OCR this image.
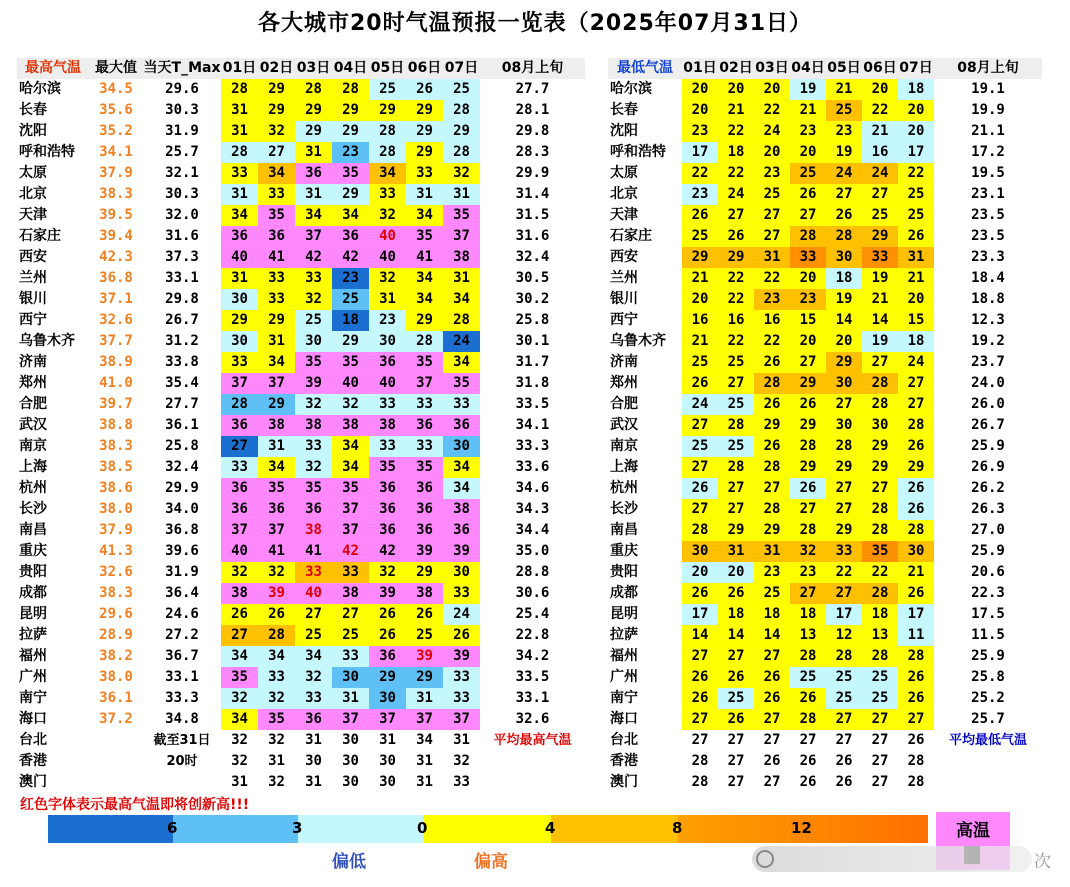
各大城市20时气温预报一览表（2025年07月31日）
最高气温	最大值	当天T_Max	01日	02日	03日	04日	05日	06日	07日	08月上旬
哈尔滨	34.5	29.6	28	29	28	28	25	26	25	27.7
长春	35.6	30.3	31	29	29	29	29	29	28	28.1
沈阳	35.2	31.9	31	32	29	29	28	29	29	29.8
呼和浩特	34.1	25.7	28	27	31	23	28	29	28	28.3
太原	37.9	32.1	33	34	36	35	34	33	32	29.9
北京	38.3	30.3	31	33	31	29	33	31	31	31.4
天津	39.5	32.0	34	35	34	34	32	34	35	31.5
石家庄	39.4	31.6	36	36	37	36	40	35	37	31.6
西安	42.3	37.3	40	41	42	42	40	41	38	32.4
兰州	36.8	33.1	31	33	33	23	32	34	31	30.5
银川	37.1	29.8	30	33	32	25	31	34	34	30.2
西宁	32.6	26.7	29	29	25	18	23	29	28	25.8
乌鲁木齐	37.7	31.2	30	31	30	29	30	28	24	30.1
济南	38.9	33.8	33	34	35	35	36	35	34	31.7
郑州	41.0	35.4	37	37	39	40	40	37	35	31.8
合肥	39.7	27.7	28	29	32	32	33	33	33	33.5
武汉	38.8	36.1	36	38	38	38	38	36	36	34.1
南京	38.3	25.8	27	31	33	34	33	33	30	33.3
上海	38.5	32.4	33	34	32	34	35	35	34	33.6
杭州	38.6	29.9	36	35	35	35	36	36	34	34.6
长沙	38.0	34.0	36	36	36	37	36	36	38	34.3
南昌	37.9	36.8	37	37	38	37	36	36	36	34.4
重庆	41.3	39.6	40	41	41	42	42	39	39	35.0
贵阳	32.6	31.9	32	32	33	33	32	29	30	28.8
成都	38.3	36.4	38	39	40	38	39	38	33	30.6
昆明	29.6	24.6	26	26	27	27	26	26	24	25.4
拉萨	28.9	27.2	27	28	25	25	26	25	26	22.8
福州	38.2	36.7	34	34	34	33	36	39	39	34.2
广州	38.0	33.1	35	33	32	30	29	29	33	33.5
南宁	36.1	33.3	32	32	33	31	30	31	33	33.1
海口	37.2	34.8	34	35	36	37	37	37	37	32.6
台北		截至31日	32	32	31	30	31	34	31	平均最高气温
香港		20时	32	31	30	30	30	31	32	
澳门			31	32	31	30	30	31	33	
最低气温	01日	02日	03日	04日	05日	06日	07日	08月上旬
哈尔滨	20	20	20	19	21	20	18	19.1
长春	20	21	22	21	25	22	20	19.9
沈阳	23	22	24	23	23	21	20	21.1
呼和浩特	17	18	20	20	19	16	17	17.2
太原	22	22	23	25	24	24	22	19.5
北京	23	24	25	26	27	27	25	23.1
天津	26	27	27	27	26	25	25	23.5
石家庄	25	26	27	28	28	29	26	23.5
西安	29	29	31	33	30	33	31	23.3
兰州	21	22	22	20	18	19	21	18.4
银川	20	22	23	23	19	21	20	18.8
西宁	16	16	16	15	14	14	15	12.3
乌鲁木齐	21	22	22	20	20	19	18	19.2
济南	25	25	26	27	29	27	24	23.7
郑州	26	27	28	29	30	28	27	24.0
合肥	24	25	26	26	27	28	27	26.0
武汉	27	28	29	29	30	30	28	26.7
南京	25	25	26	28	28	29	26	25.9
上海	27	28	28	29	29	29	29	26.9
杭州	26	27	27	26	27	27	26	26.2
长沙	27	27	28	27	27	28	26	26.3
南昌	28	29	29	28	29	28	28	27.0
重庆	30	31	31	32	33	35	30	25.9
贵阳	20	20	23	23	22	22	21	20.6
成都	26	26	25	27	27	28	26	22.3
昆明	17	18	18	18	17	18	17	17.5
拉萨	14	14	14	13	12	13	11	11.5
福州	27	27	27	28	28	28	28	25.9
广州	26	26	26	25	25	25	26	25.8
南宁	26	25	26	26	25	25	26	25.2
海口	27	26	27	28	27	27	27	25.7
台北	27	27	27	27	27	27	26	平均最低气温
香港	28	27	26	26	26	27	28	
澳门	28	27	27	26	26	27	28	
红色字体表示最高气温即将创新高!!!
6	3	0	4	8	12	高温
偏低	偏高	次
